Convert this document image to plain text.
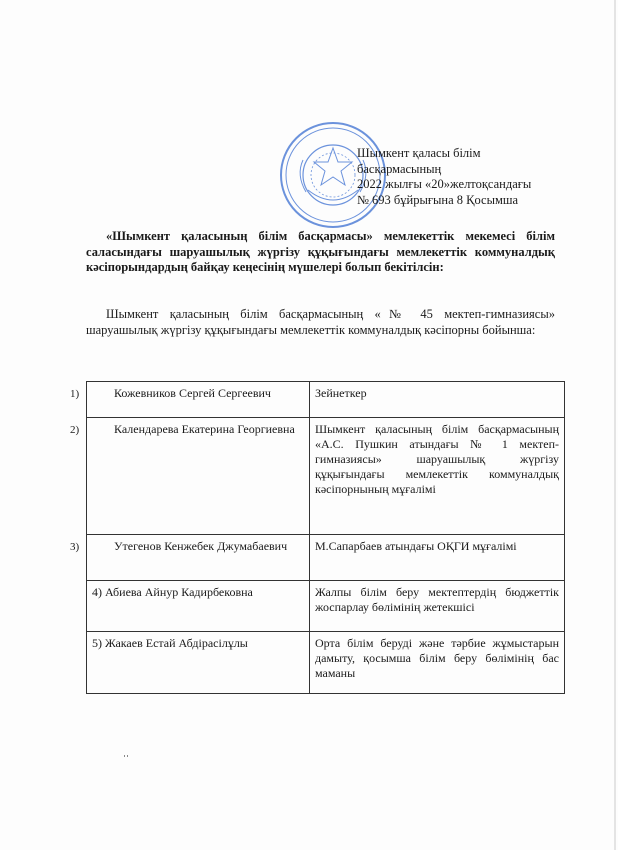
Шымкент қаласы білім
басқармасының
2022 жылғы «20»желтоқсандағы
№ 693 бұйрығына 8 Қосымша
«Шымкент қаласының білім басқармасы» мемлекеттік мекемесі білім саласындағы шаруашылық жүргізу құқығындағы мемлекеттік коммуналдық кәсіпорындардың байқау кеңесінің мүшелері болып бекітілсін:
Шымкент қаласының білім басқармасының «№ 45 мектеп-гимназиясы» шаруашылық жүргізу құқығындағы мемлекеттік коммуналдық кәсіпорны бойынша:
1) Кожевников Сергей Сергеевич	Зейнеткер

2) Календарева Екатерина Георгиевна	Шымкент қаласының білім басқармасының «А.С. Пушкин атындағы № 1 мектеп-гимназиясы» шаруашылық жүргізу құқығындағы мемлекеттік коммуналдық кәсіпорнының мұғалімі

3) Утегенов Кенжебек Джумабаевич	М.Сапарбаев атындағы ОҚГИ мұғалімі
4) Абиева Айнур Кадирбековна	Жалпы білім беру мектептердің бюджеттік жоспарлау бөлімінің жетекшісі
5) Жакаев Естай Абдірасілұлы	Орта білім беруді және тәрбие жұмыстарын дамыту, қосымша білім беру бөлімінің бас маманы
